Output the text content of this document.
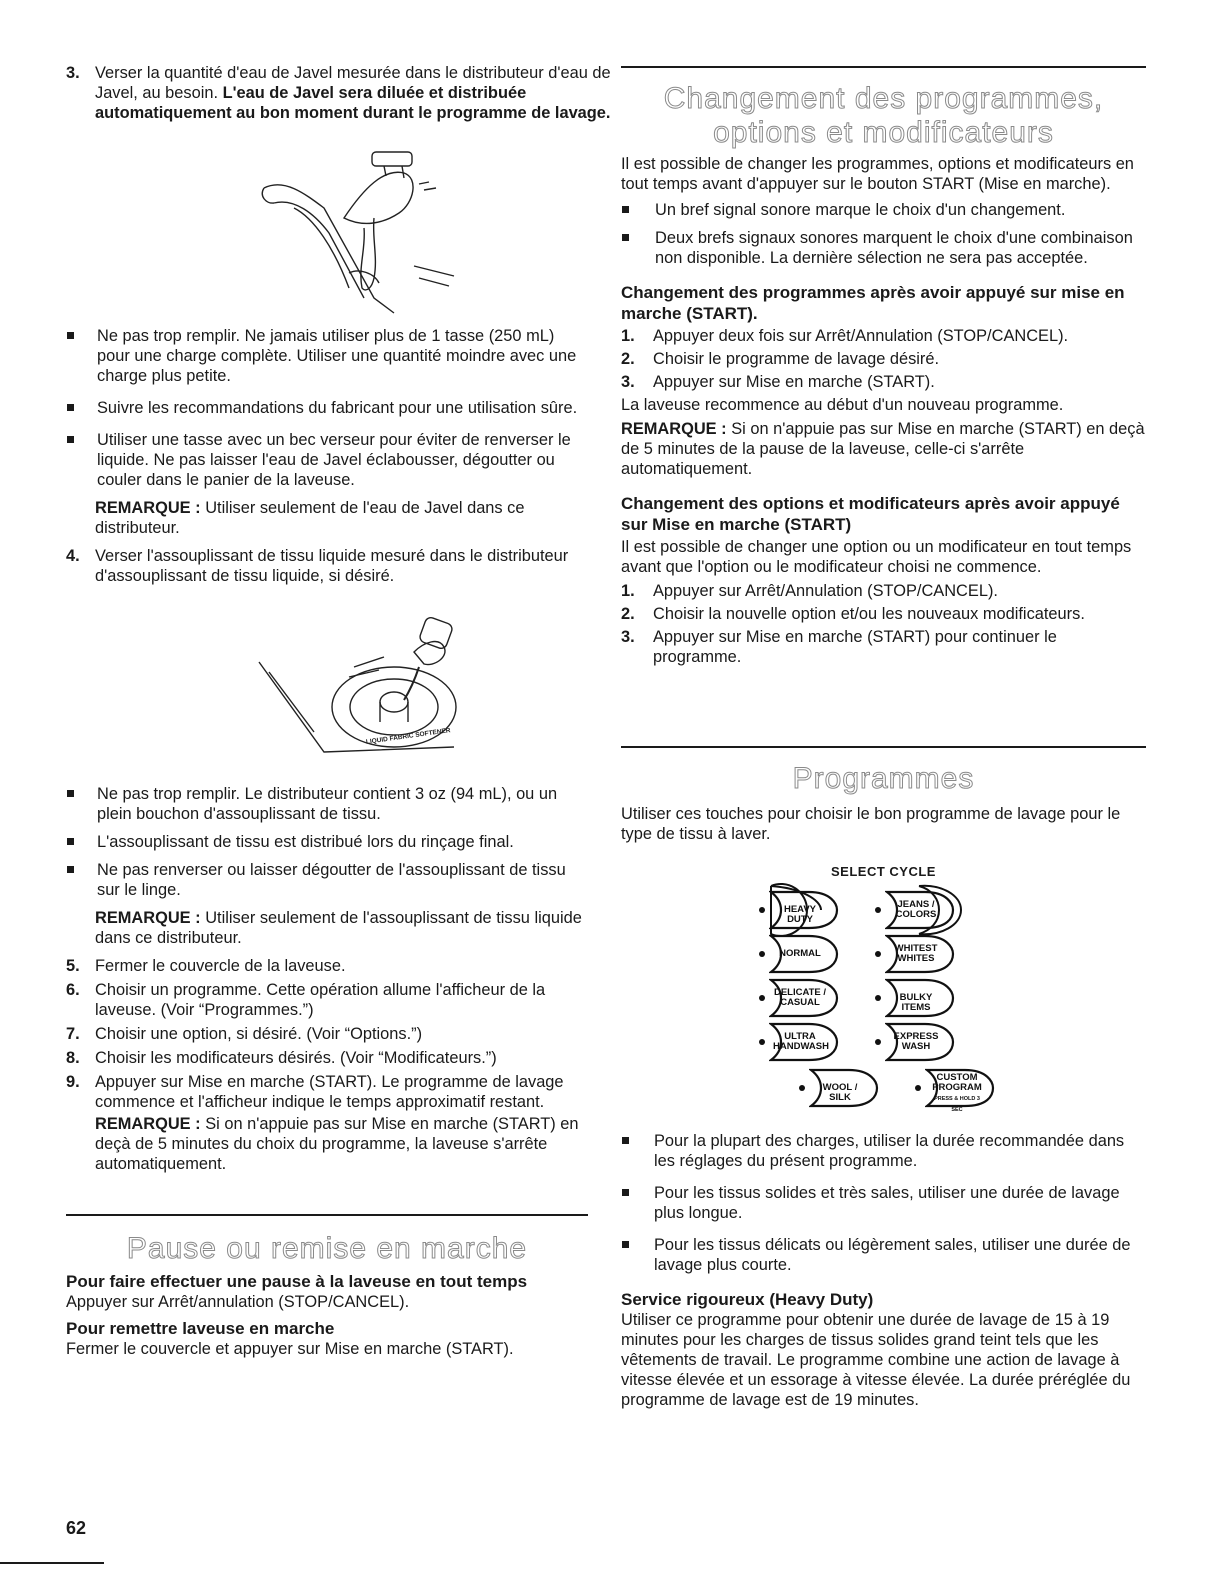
3. Verser la quantité d'eau de Javel mesurée dans le distributeur d'eau de Javel, au besoin. L'eau de Javel sera diluée et distribuée automatiquement au bon moment durant le programme de lavage.
Ne pas trop remplir. Ne jamais utiliser plus de 1 tasse (250 mL) pour une charge complète. Utiliser une quantité moindre avec une charge plus petite.
Suivre les recommandations du fabricant pour une utilisation sûre.
Utiliser une tasse avec un bec verseur pour éviter de renverser le liquide. Ne pas laisser l'eau de Javel éclabousser, dégoutter ou couler dans le panier de la laveuse.

REMARQUE : Utiliser seulement de l'eau de Javel dans ce distributeur.

4. Verser l'assouplissant de tissu liquide mesuré dans le distributeur d'assouplissant de tissu liquide, si désiré.
LIQUID FABRIC SOFTENER
Ne pas trop remplir. Le distributeur contient 3 oz (94 mL), ou un plein bouchon d'assouplissant de tissu.
L'assouplissant de tissu est distribué lors du rinçage final.
Ne pas renverser ou laisser dégoutter de l'assouplissant de tissu sur le linge.

REMARQUE : Utiliser seulement de l'assouplissant de tissu liquide dans ce distributeur.

5. Fermer le couvercle de la laveuse.
6. Choisir un programme. Cette opération allume l'afficheur de la laveuse. (Voir “Programmes.”)
7. Choisir une option, si désiré. (Voir “Options.”)
8. Choisir les modificateurs désirés. (Voir “Modificateurs.”)
9. Appuyer sur Mise en marche (START). Le programme de lavage commence et l'afficheur indique le temps approximatif restant.

REMARQUE : Si on n'appuie pas sur Mise en marche (START) en deçà de 5 minutes du choix du programme, la laveuse s'arrête automatiquement.

Pause ou remise en marche

Pour faire effectuer une pause à la laveuse en tout temps

Appuyer sur Arrêt/annulation (STOP/CANCEL).

Pour remettre laveuse en marche

Fermer le couvercle et appuyer sur Mise en marche (START).

Changement des programmes,
options et modificateurs

Il est possible de changer les programmes, options et modificateurs en tout temps avant d'appuyer sur le bouton START (Mise en marche).

Un bref signal sonore marque le choix d'un changement.
Deux brefs signaux sonores marquent le choix d'une combinaison non disponible. La dernière sélection ne sera pas acceptée.

Changement des programmes après avoir appuyé sur mise en marche (START).

1. Appuyer deux fois sur Arrêt/Annulation (STOP/CANCEL).
2. Choisir le programme de lavage désiré.
3. Appuyer sur Mise en marche (START).

La laveuse recommence au début d'un nouveau programme.

REMARQUE : Si on n'appuie pas sur Mise en marche (START) en deçà de 5 minutes de la pause de la laveuse, celle-ci s'arrête automatiquement.

Changement des options et modificateurs après avoir appuyé sur Mise en marche (START)

Il est possible de changer une option ou un modificateur en tout temps avant que l'option ou le modificateur choisi ne commence.

1. Appuyer sur Arrêt/Annulation (STOP/CANCEL).
2. Choisir la nouvelle option et/ou les nouveaux modificateurs.
3. Appuyer sur Mise en marche (START) pour continuer le programme.
Programmes

Utiliser ces touches pour choisir le bon programme de lavage pour le type de tissu à laver.

SELECT CYCLE
HEAVY DUTY
JEANS /
COLORS
NORMAL	WHITEST
WHITES
DELICATE /
CASUAL	BULKY ITEMS
ULTRA
HANDWASH
EXPRESS
WASH
WOOL / SILK
CUSTOM
PROGRAM
PRESS & HOLD 3 SEC
Pour la plupart des charges, utiliser la durée recommandée dans les réglages du présent programme.
Pour les tissus solides et très sales, utiliser une durée de lavage plus longue.
Pour les tissus délicats ou légèrement sales, utiliser une durée de lavage plus courte.

Service rigoureux (Heavy Duty)

Utiliser ce programme pour obtenir une durée de lavage de 15 à 19 minutes pour les charges de tissus solides grand teint tels que les vêtements de travail. Le programme combine une action de lavage à vitesse élevée et un essorage à vitesse élevée. La durée préréglée du programme de lavage est de 19 minutes.

62
